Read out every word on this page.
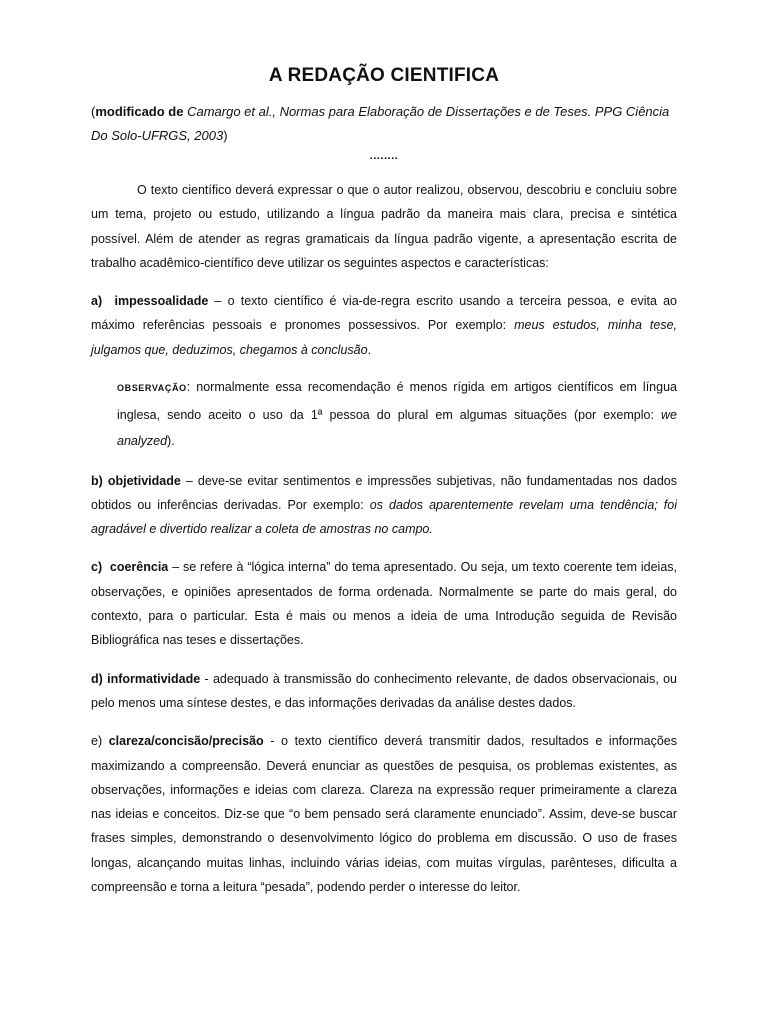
A REDAÇÃO CIENTIFICA

(modificado de Camargo et al., Normas para Elaboração de Dissertações e de Teses. PPG Ciência Do Solo-UFRGS, 2003)

........

O texto científico deverá expressar o que o autor realizou, observou, descobriu e concluiu sobre um tema, projeto ou estudo, utilizando a língua padrão da maneira mais clara, precisa e sintética possível. Além de atender as regras gramaticais da língua padrão vigente, a apresentação escrita de trabalho acadêmico-científico deve utilizar os seguintes aspectos e características:

a) impessoalidade – o texto científico é via-de-regra escrito usando a terceira pessoa, e evita ao máximo referências pessoais e pronomes possessivos. Por exemplo: meus estudos, minha tese, julgamos que, deduzimos, chegamos à conclusão.

OBSERVAÇÃO: normalmente essa recomendação é menos rígida em artigos científicos em língua inglesa, sendo aceito o uso da 1ª pessoa do plural em algumas situações (por exemplo: we analyzed).

b) objetividade – deve-se evitar sentimentos e impressões subjetivas, não fundamentadas nos dados obtidos ou inferências derivadas. Por exemplo: os dados aparentemente revelam uma tendência; foi agradável e divertido realizar a coleta de amostras no campo.

c) coerência – se refere à “lógica interna” do tema apresentado. Ou seja, um texto coerente tem ideias, observações, e opiniões apresentados de forma ordenada. Normalmente se parte do mais geral, do contexto, para o particular. Esta é mais ou menos a ideia de uma Introdução seguida de Revisão Bibliográfica nas teses e dissertações.

d) informatividade - adequado à transmissão do conhecimento relevante, de dados observacionais, ou pelo menos uma síntese destes, e das informações derivadas da análise destes dados.

e) clareza/concisão/precisão - o texto científico deverá transmitir dados, resultados e informações maximizando a compreensão. Deverá enunciar as questões de pesquisa, os problemas existentes, as observações, informações e ideias com clareza. Clareza na expressão requer primeiramente a clareza nas ideias e conceitos. Diz-se que “o bem pensado será claramente enunciado”. Assim, deve-se buscar frases simples, demonstrando o desenvolvimento lógico do problema em discussão. O uso de frases longas, alcançando muitas linhas, incluindo várias ideias, com muitas vírgulas, parênteses, dificulta a compreensão e torna a leitura “pesada”, podendo perder o interesse do leitor.
